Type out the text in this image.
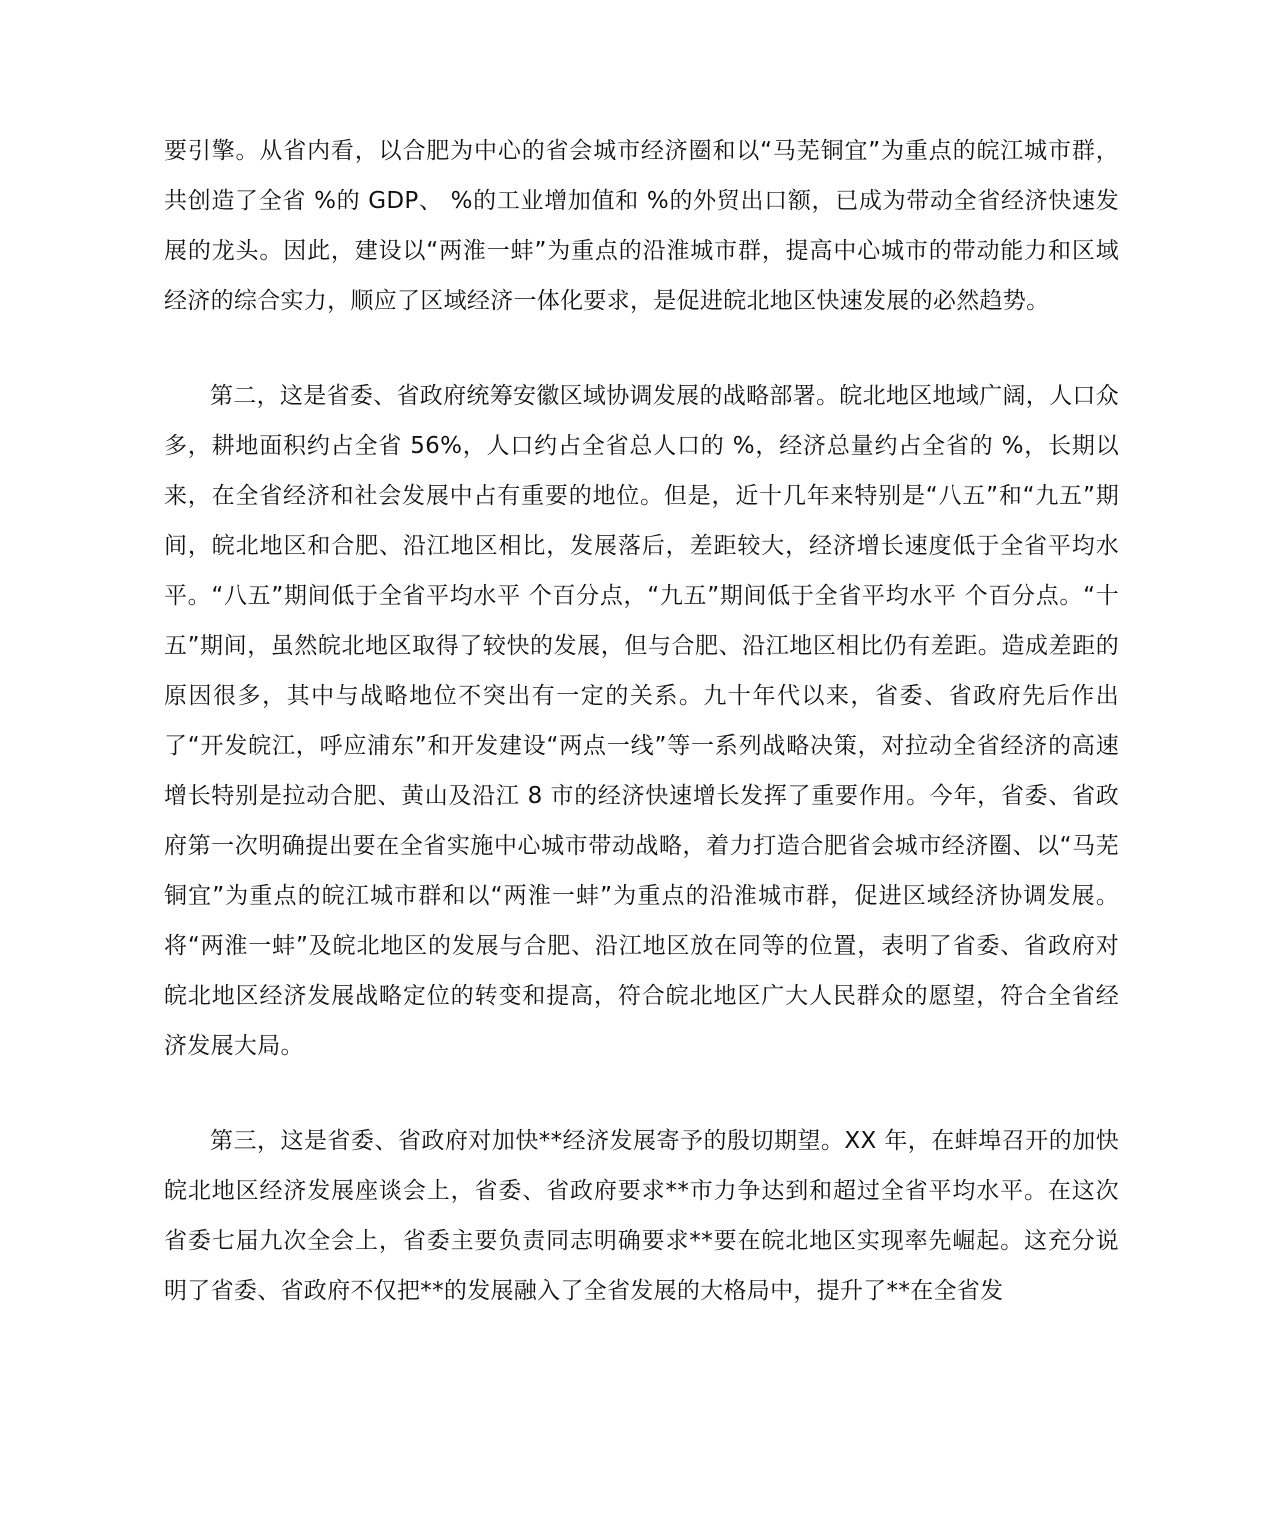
要引擎。从省内看，以合肥为中心的省会城市经济圈和以“马芜铜宜”为重点的皖江城市群，共创造了全省 %的 GDP、 %的工业增加值和 %的外贸出口额，已成为带动全省经济快速发展的龙头。因此，建设以“两淮一蚌”为重点的沿淮城市群，提高中心城市的带动能力和区域经济的综合实力，顺应了区域经济一体化要求，是促进皖北地区快速发展的必然趋势。

第二，这是省委、省政府统筹安徽区域协调发展的战略部署。皖北地区地域广阔，人口众多，耕地面积约占全省 56%，人口约占全省总人口的 %，经济总量约占全省的 %，长期以来，在全省经济和社会发展中占有重要的地位。但是，近十几年来特别是“八五”和“九五”期间，皖北地区和合肥、沿江地区相比，发展落后，差距较大，经济增长速度低于全省平均水平。“八五”期间低于全省平均水平 个百分点，“九五”期间低于全省平均水平 个百分点。“十五”期间，虽然皖北地区取得了较快的发展，但与合肥、沿江地区相比仍有差距。造成差距的原因很多，其中与战略地位不突出有一定的关系。九十年代以来，省委、省政府先后作出了“开发皖江，呼应浦东”和开发建设“两点一线”等一系列战略决策，对拉动全省经济的高速增长特别是拉动合肥、黄山及沿江 8 市的经济快速增长发挥了重要作用。今年，省委、省政府第一次明确提出要在全省实施中心城市带动战略，着力打造合肥省会城市经济圈、以“马芜铜宜”为重点的皖江城市群和以“两淮一蚌”为重点的沿淮城市群，促进区域经济协调发展。将“两淮一蚌”及皖北地区的发展与合肥、沿江地区放在同等的位置，表明了省委、省政府对皖北地区经济发展战略定位的转变和提高，符合皖北地区广大人民群众的愿望，符合全省经济发展大局。

第三，这是省委、省政府对加快**经济发展寄予的殷切期望。XX 年，在蚌埠召开的加快皖北地区经济发展座谈会上，省委、省政府要求**市力争达到和超过全省平均水平。在这次省委七届九次全会上，省委主要负责同志明确要求**要在皖北地区实现率先崛起。这充分说明了省委、省政府不仅把**的发展融入了全省发展的大格局中，提升了**在全省发
